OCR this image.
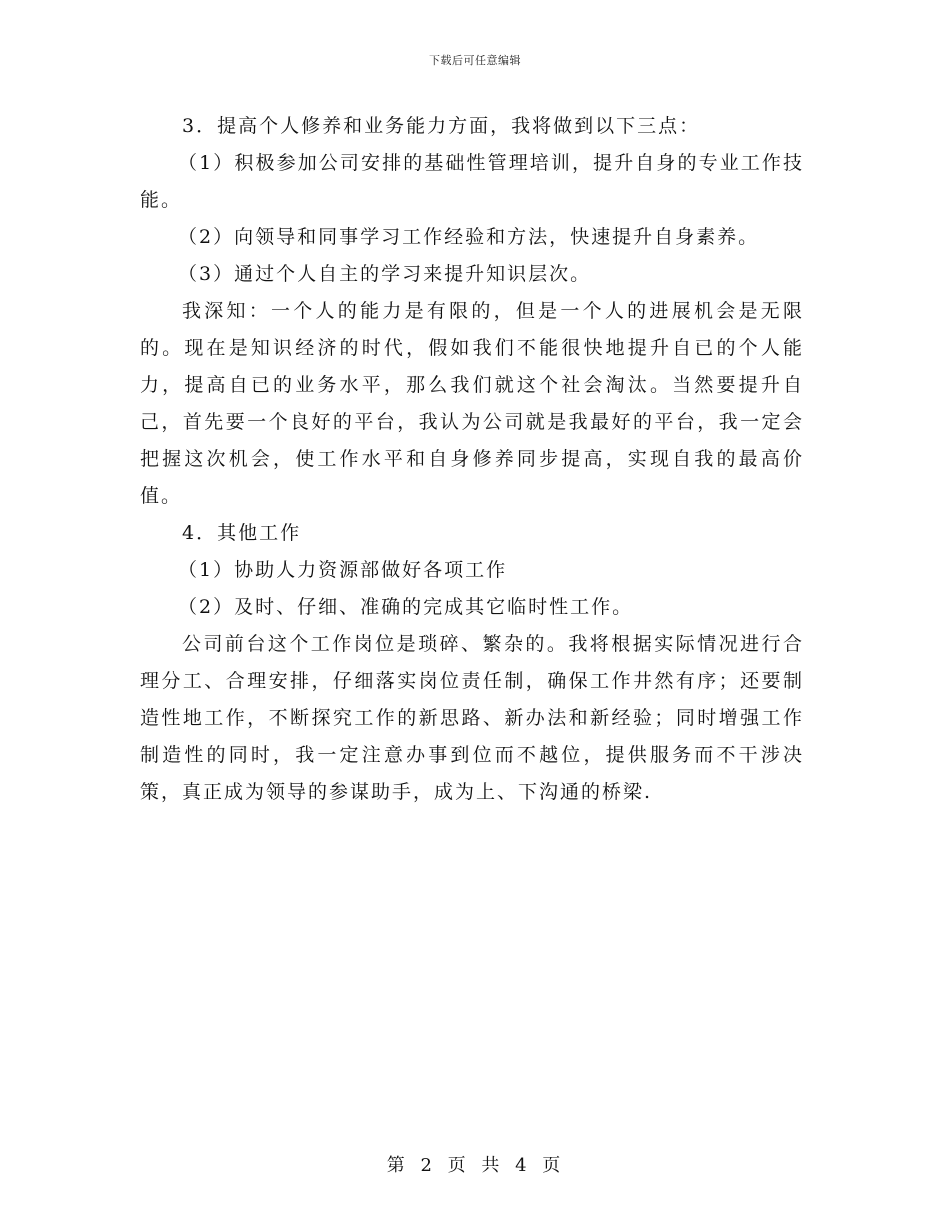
下载后可任意编辑

3．提高个人修养和业务能力方面，我将做到以下三点：

（1）积极参加公司安排的基础性管理培训，提升自身的专业工作技能。

（2）向领导和同事学习工作经验和方法，快速提升自身素养。

（3）通过个人自主的学习来提升知识层次。

我深知：一个人的能力是有限的，但是一个人的进展机会是无限的。现在是知识经济的时代，假如我们不能很快地提升自已的个人能力，提高自已的业务水平，那么我们就这个社会淘汰。当然要提升自己，首先要一个良好的平台，我认为公司就是我最好的平台，我一定会把握这次机会，使工作水平和自身修养同步提高，实现自我的最高价值。

4．其他工作

（1）协助人力资源部做好各项工作

（2）及时、仔细、准确的完成其它临时性工作。

公司前台这个工作岗位是琐碎、繁杂的。我将根据实际情况进行合理分工、合理安排，仔细落实岗位责任制，确保工作井然有序；还要制造性地工作，不断探究工作的新思路、新办法和新经验；同时增强工作制造性的同时，我一定注意办事到位而不越位，提供服务而不干涉决策，真正成为领导的参谋助手，成为上、下沟通的桥梁.

第 2 页 共 4 页
